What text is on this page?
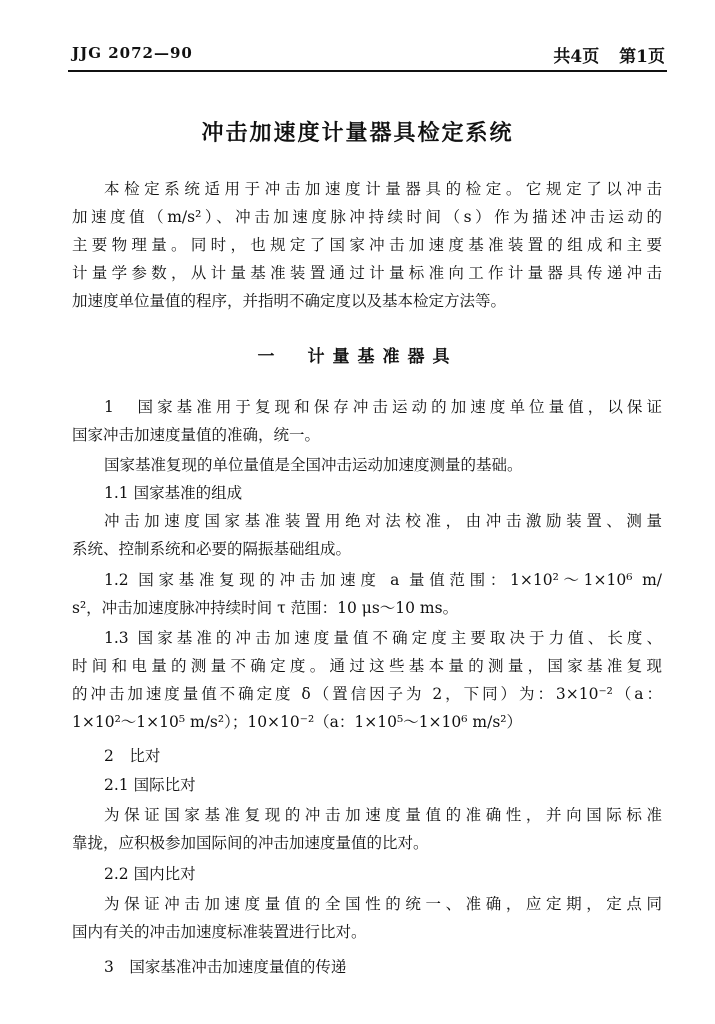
JJG 2072—90	共4页 第1页
冲击加速度计量器具检定系统
本检定系统适用于冲击加速度计量器具的检定。它规定了以冲击
加速度值（m/s²）、冲击加速度脉冲持续时间（s）作为描述冲击运动的
主要物理量。同时，也规定了国家冲击加速度基准装置的组成和主要
计量学参数，从计量基准装置通过计量标准向工作计量器具传递冲击
加速度单位量值的程序，并指明不确定度以及基本检定方法等。
一　计量基准器具
1　国家基准用于复现和保存冲击运动的加速度单位量值，以保证
国家冲击加速度量值的准确，统一。
国家基准复现的单位量值是全国冲击运动加速度测量的基础。
1.1 国家基准的组成
冲击加速度国家基准装置用绝对法校准，由冲击激励装置、测量
系统、控制系统和必要的隔振基础组成。
1.2 国家基准复现的冲击加速度 a 量值范围：1×10²～1×10⁶ m/
s²，冲击加速度脉冲持续时间 τ 范围：10 μs～10 ms。
1.3 国家基准的冲击加速度量值不确定度主要取决于力值、长度、
时间和电量的测量不确定度。通过这些基本量的测量，国家基准复现
的冲击加速度量值不确定度 δ（置信因子为 2，下同）为：3×10⁻²（a：
1×10²～1×10⁵ m/s²）；10×10⁻²（a：1×10⁵～1×10⁶ m/s²）
2　比对
2.1 国际比对
为保证国家基准复现的冲击加速度量值的准确性，并向国际标准
靠拢，应积极参加国际间的冲击加速度量值的比对。
2.2 国内比对
为保证冲击加速度量值的全国性的统一、准确，应定期，定点同
国内有关的冲击加速度标准装置进行比对。
3　国家基准冲击加速度量值的传递
